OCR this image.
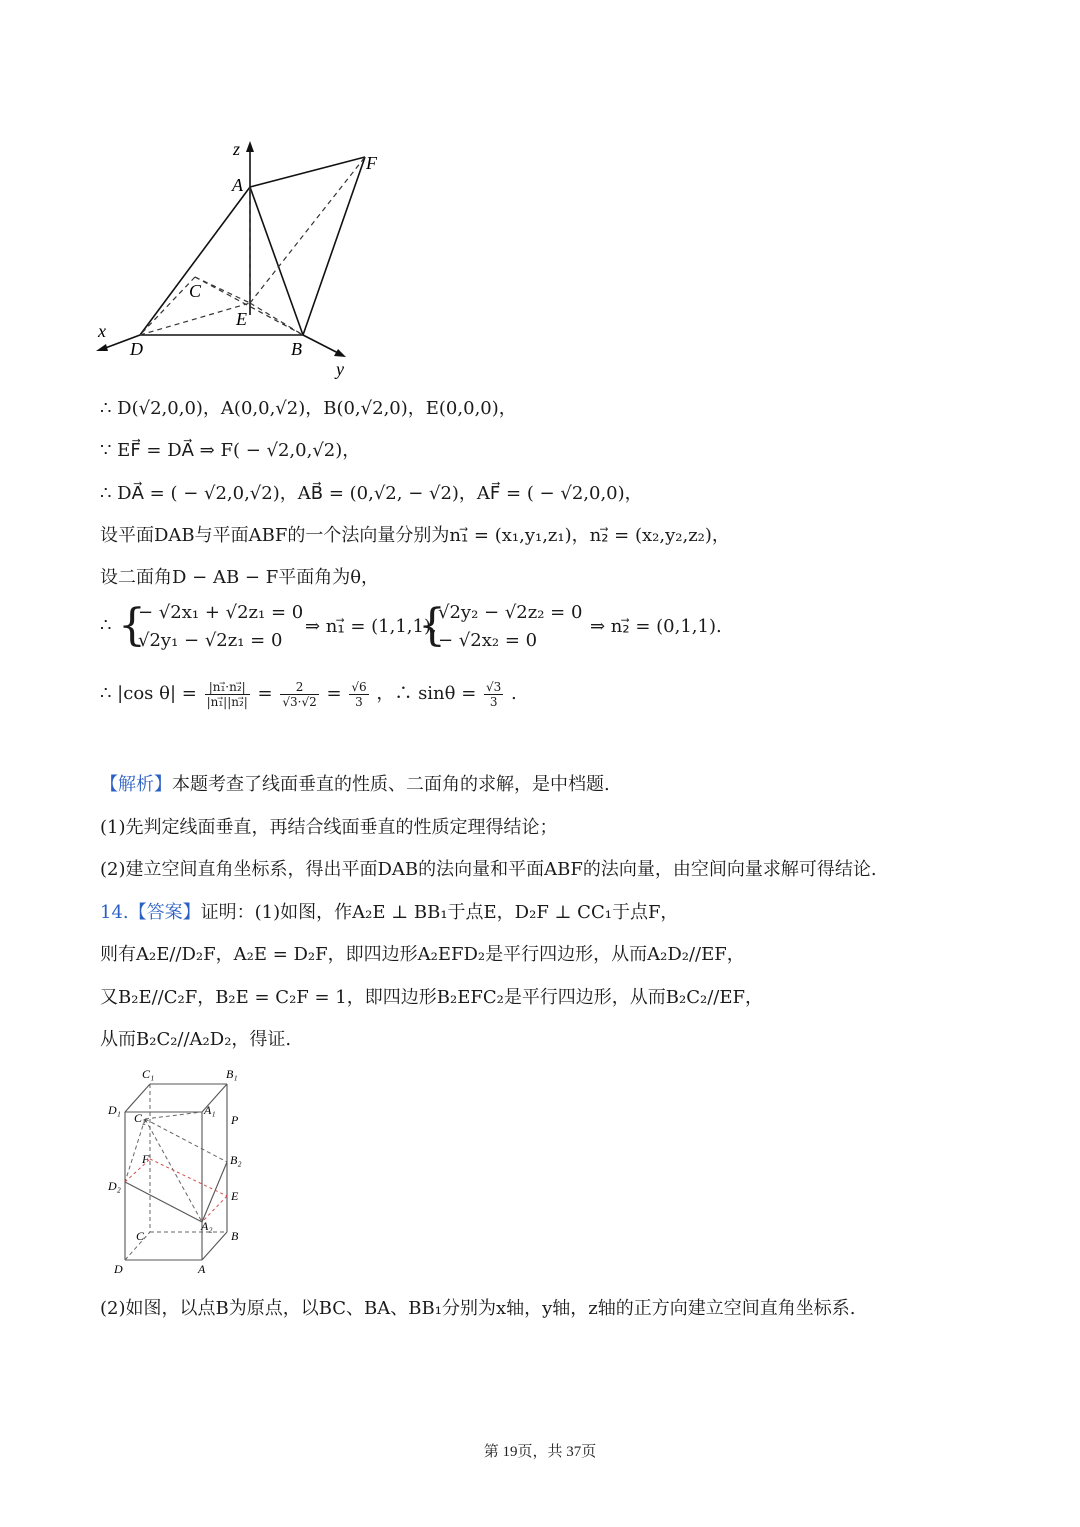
z
A
F
C
E
x
D	B
y
∴ D(√2,0,0)，A(0,0,√2)，B(0,√2,0)，E(0,0,0)，
∵ EF⃗ = DA⃗ ⇒ F( − √2,0,√2)，
∴ DA⃗ = ( − √2,0,√2)，AB⃗ = (0,√2, − √2)，AF⃗ = ( − √2,0,0)，
设平面DAB与平面ABF的一个法向量分别为n₁⃗ = (x₁,y₁,z₁)，n₂⃗ = (x₂,y₂,z₂)，
设二面角D − AB − F平面角为θ，
∴ {
− √2x₁ + √2z₁ = 0
√2y₁ − √2z₁ = 0
⇒ n₁⃗ = (1,1,1),
{
√2y₂ − √2z₂ = 0
− √2x₂ = 0
⇒ n₂⃗ = (0,1,1).
∴ |cos $\theta| = \frac{\text{|n₁⃗·n₂⃗|}}{\text{|n₁⃗||n₂⃗|}} = \frac{2}{√3\cdot√2} = \frac{√6}{3}$ ，∴ $\sin\theta = \frac{√3}{3}$ .
【解析】本题考查了线面垂直的性质、二面角的求解，是中档题.
(1)先判定线面垂直，再结合线面垂直的性质定理得结论；
(2)建立空间直角坐标系，得出平面DAB的法向量和平面ABF的法向量，由空间向量求解可得结论.
14.【答案】证明：(1)如图，作A₂E ⊥ BB₁于点E，D₂F ⊥ CC₁于点F，
则有A₂E//D₂F，A₂E = D₂F，即四边形A₂EFD₂是平行四边形，从而A₂D₂//EF，
又B₂E//C₂F，B₂E = C₂F = 1，即四边形B₂EFC₂是平行四边形，从而B₂C₂//EF，
从而B₂C₂//A₂D₂，得证.
C₁	B₁
D₁
C₂
A₁
P
F	B₂
D₂
E
A₂
C	B
D	A
(2)如图，以点B为原点，以BC、BA、BB₁分别为x轴，y轴，z轴的正方向建立空间直角坐标系.
第 19页，共 37页
